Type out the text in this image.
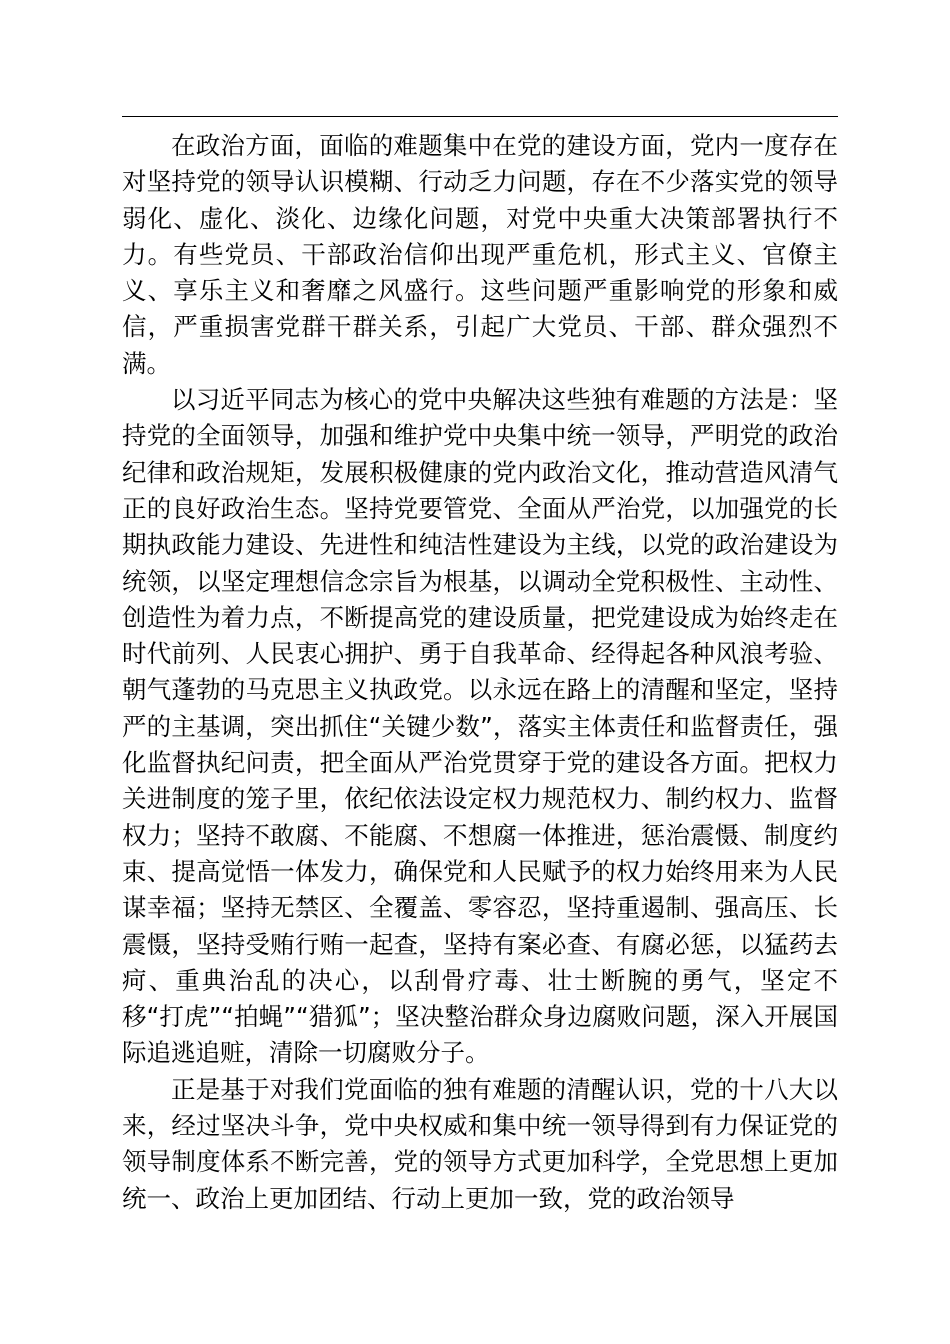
在政治方面，面临的难题集中在党的建设方面，党内一度存在对坚持党的领导认识模糊、行动乏力问题，存在不少落实党的领导弱化、虚化、淡化、边缘化问题，对党中央重大决策部署执行不力。有些党员、干部政治信仰出现严重危机，形式主义、官僚主义、享乐主义和奢靡之风盛行。这些问题严重影响党的形象和威信，严重损害党群干群关系，引起广大党员、干部、群众强烈不满。

以习近平同志为核心的党中央解决这些独有难题的方法是：坚持党的全面领导，加强和维护党中央集中统一领导，严明党的政治纪律和政治规矩，发展积极健康的党内政治文化，推动营造风清气正的良好政治生态。坚持党要管党、全面从严治党，以加强党的长期执政能力建设、先进性和纯洁性建设为主线，以党的政治建设为统领，以坚定理想信念宗旨为根基，以调动全党积极性、主动性、创造性为着力点，不断提高党的建设质量，把党建设成为始终走在时代前列、人民衷心拥护、勇于自我革命、经得起各种风浪考验、朝气蓬勃的马克思主义执政党。以永远在路上的清醒和坚定，坚持严的主基调，突出抓住“关键少数”，落实主体责任和监督责任，强化监督执纪问责，把全面从严治党贯穿于党的建设各方面。把权力关进制度的笼子里，依纪依法设定权力规范权力、制约权力、监督权力；坚持不敢腐、不能腐、不想腐一体推进，惩治震慑、制度约束、提高觉悟一体发力，确保党和人民赋予的权力始终用来为人民谋幸福；坚持无禁区、全覆盖、零容忍，坚持重遏制、强高压、长震慑，坚持受贿行贿一起查，坚持有案必查、有腐必惩，以猛药去疴、重典治乱的决心，以刮骨疗毒、壮士断腕的勇气，坚定不移“打虎”“拍蝇”“猎狐”；坚决整治群众身边腐败问题，深入开展国际追逃追赃，清除一切腐败分子。

正是基于对我们党面临的独有难题的清醒认识，党的十八大以来，经过坚决斗争，党中央权威和集中统一领导得到有力保证党的领导制度体系不断完善，党的领导方式更加科学，全党思想上更加统一、政治上更加团结、行动上更加一致，党的政治领导
